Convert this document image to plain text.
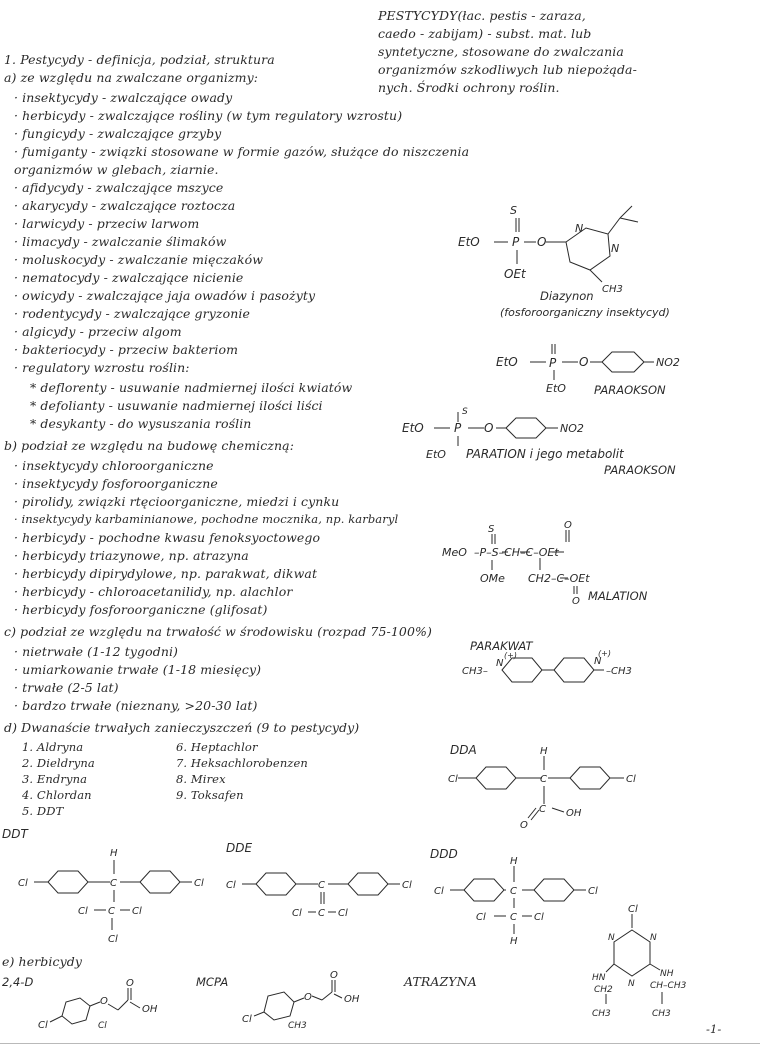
PESTYCYDY(łac. pestis - zaraza,
caedo - zabijam) - subst. mat. lub
syntetyczne, stosowane do zwalczania
organizmów szkodliwych lub niepożąda-
nych. Środki ochrony roślin.
1. Pestycydy - definicja, podział, struktura
a) ze względu na zwalczane organizmy:
· insektycydy - zwalczające owady
· herbicydy - zwalczające rośliny (w tym regulatory wzrostu)
· fungicydy - zwalczające grzyby
· fumiganty - związki stosowane w formie gazów, służące do niszczenia
organizmów w glebach, ziarnie.
· afidycydy - zwalczające mszyce
· akarycydy - zwalczające roztocza
· larwicydy - przeciw larwom
· limacydy - zwalczanie ślimaków
· moluskocydy - zwalczanie mięczaków
· nematocydy - zwalczające nicienie
· owicydy - zwalczające jaja owadów i pasożyty
· rodentycydy - zwalczające gryzonie
· algicydy - przeciw algom
· bakteriocydy - przeciw bakteriom
· regulatory wzrostu roślin:
* deflorenty - usuwanie nadmiernej ilości kwiatów
* defolianty - usuwanie nadmiernej ilości liści
* desykanty - do wysuszania roślin
b) podział ze względu na budowę chemiczną:
· insektycydy chloroorganiczne
· insektycydy fosforoorganiczne
· pirolidy, związki rtęcioorganiczne, miedzi i cynku
· insektycydy karbaminianowe, pochodne mocznika, np. karbaryl
· herbicydy - pochodne kwasu fenoksyoctowego
· herbicydy triazynowe, np. atrazyna
· herbicydy dipirydylowe, np. parakwat, dikwat
· herbicydy - chloroacetanilidy, np. alachlor
· herbicydy fosforoorganiczne (glifosat)
c) podział ze względu na trwałość w środowisku (rozpad 75-100%)
· nietrwałe (1-12 tygodni)
· umiarkowanie trwałe (1-18 miesięcy)
· trwałe (2-5 lat)
· bardzo trwałe (nieznany, >20-30 lat)
d) Dwanaście trwałych zanieczyszczeń (9 to pestycydy)
1. Aldryna
2. Dieldryna
3. Endryna
4. Chlordan
5. DDT
6. Heptachlor
7. Heksachlorobenzen
8. Mirex
9. Toksafen
EtO
S
P O
OEt
N
N
CH3
Diazynon
(fosforoorganiczny insektycyd)
EtO	P O	NO2
EtO PARAOKSON
EtO
S
P O	NO2
EtO PARATION i jego metabolit
PARAOKSON
S
MeO –P–S–CH–C–OEt
O
OMe CH2–C–OEt
O MALATION
PARAKWAT
CH3–
N
(+)
N
(+)
–CH3
DDA	H
Cl	C	Cl
C
O
OH
DDT
H
Cl	C	Cl
Cl C Cl
Cl
DDE
Cl	C	Cl
Cl C Cl
DDD
H
Cl	C	Cl
Cl C Cl
H
e) herbicydy
2,4-D
Cl	Cl
O
O
OH
MCPA
Cl
CH3
O
O
OH
ATRAZYNA
Cl
N	N
N
HN	NH
CH2
CH3
CH–CH3
CH3
-1-
